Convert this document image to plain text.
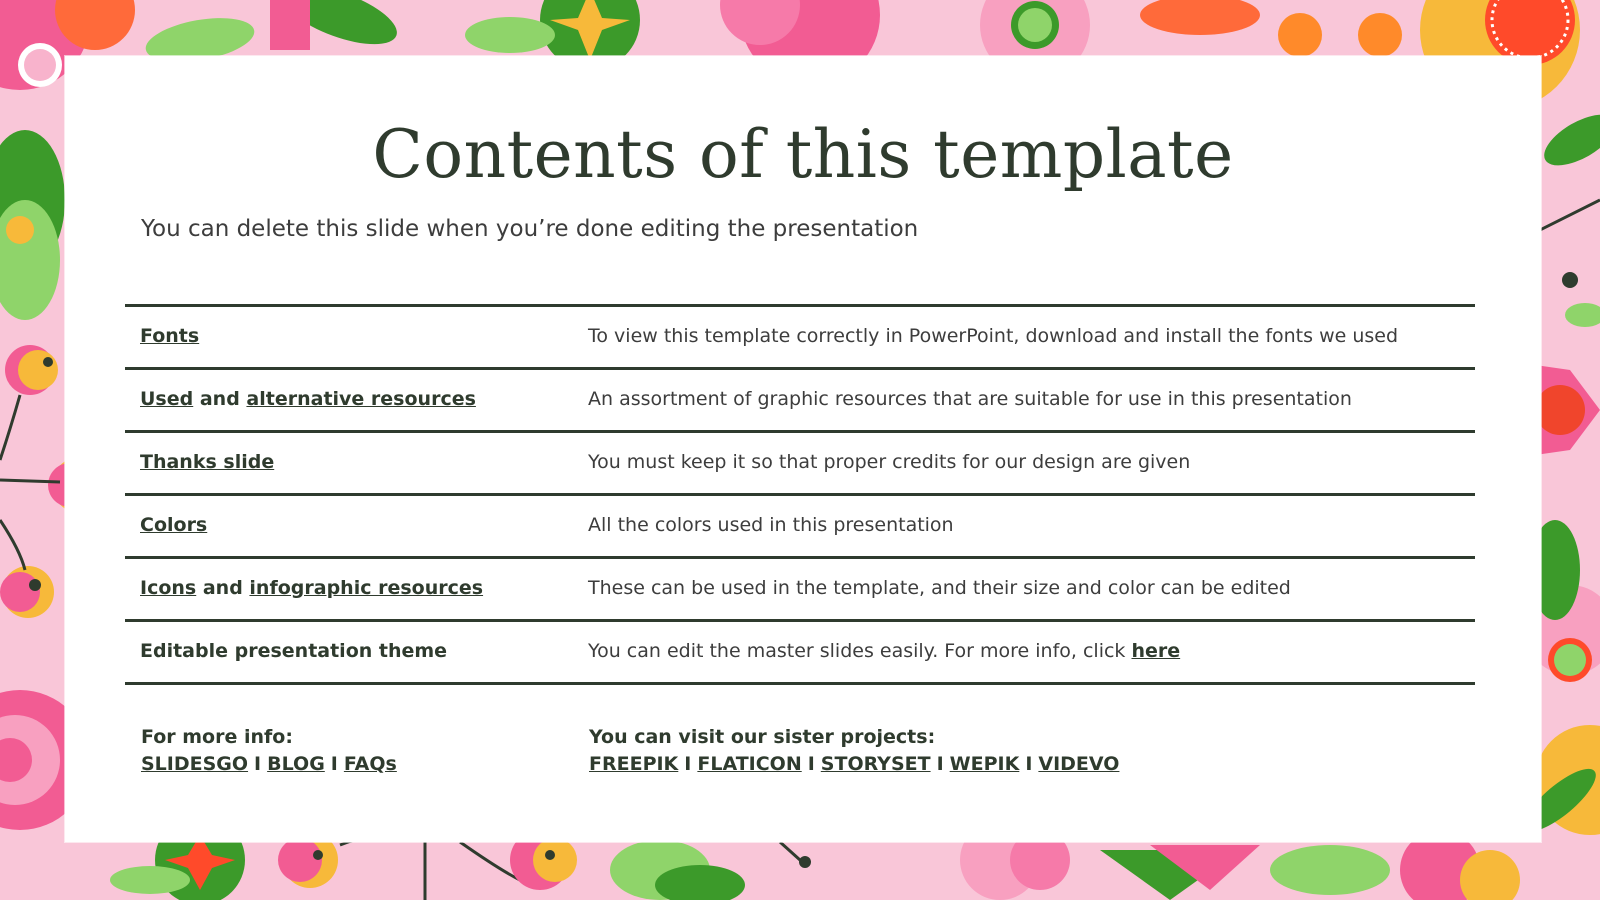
Contents of this template
You can delete this slide when you’re done editing the presentation
Fonts	To view this template correctly in PowerPoint, download and install the fonts we used
Used and alternative resources	An assortment of graphic resources that are suitable for use in this presentation
Thanks slide	You must keep it so that proper credits for our design are given
Colors	All the colors used in this presentation
Icons and infographic resources	These can be used in the template, and their size and color can be edited
Editable presentation theme	You can edit the master slides easily. For more info, click here
For more info:
SLIDESGO I BLOG I FAQs
You can visit our sister projects:
FREEPIK I FLATICON I STORYSET I WEPIK I VIDEVO
